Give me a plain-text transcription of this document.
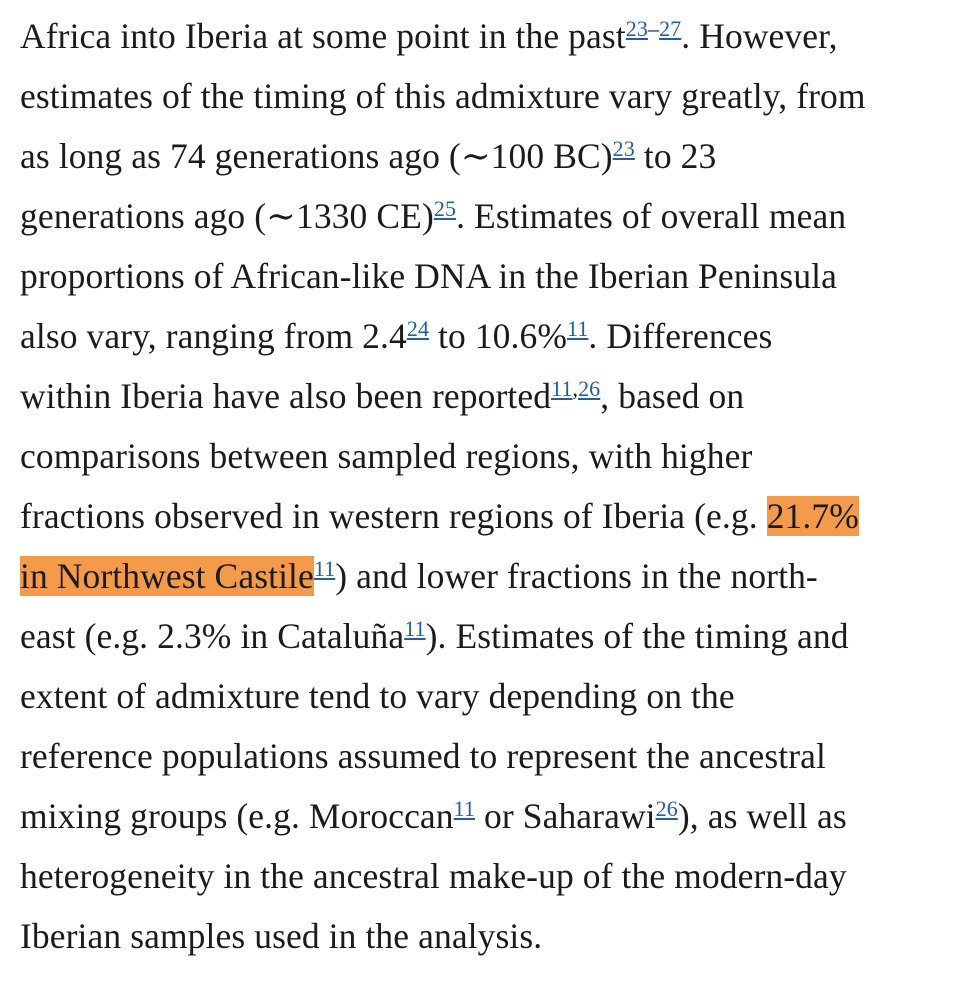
Africa into Iberia at some point in the past$^{23-27}$. However,
estimates of the timing of this admixture vary greatly, from
as long as 74 generations ago (∼100 BC)$^{23}$ to 23
generations ago (∼1330 CE)$^{25}$. Estimates of overall mean
proportions of African-like DNA in the Iberian Peninsula
also vary, ranging from 2.4$^{24}$ to 10.6%$^{11}$. Differences
within Iberia have also been reported$^{11,26}$, based on
comparisons between sampled regions, with higher
fractions observed in western regions of Iberia (e.g. 21.7%
in Northwest Castile$^{11}$) and lower fractions in the north-
east (e.g. 2.3% in Cataluña$^{11}$). Estimates of the timing and
extent of admixture tend to vary depending on the
reference populations assumed to represent the ancestral
mixing groups (e.g. Moroccan$^{11}$ or Saharawi$^{26}$), as well as
heterogeneity in the ancestral make-up of the modern-day
Iberian samples used in the analysis.
